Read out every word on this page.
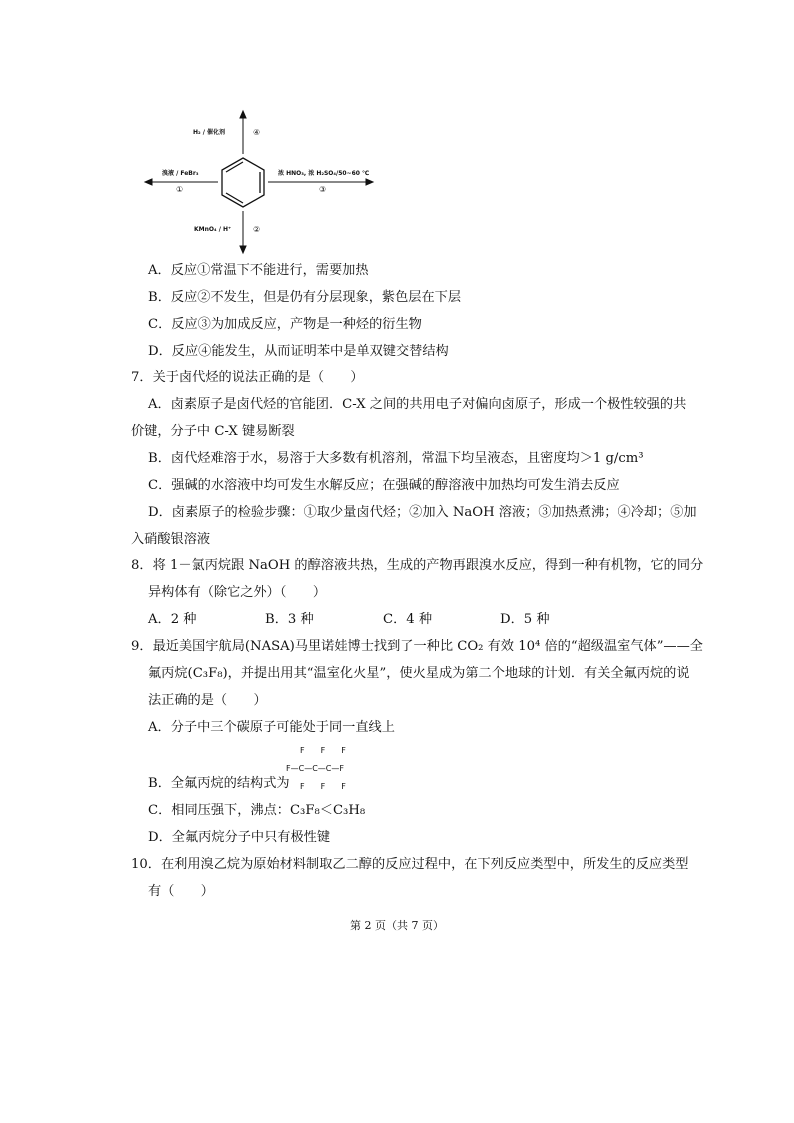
H₂ / 催化剂	④
溴液 / FeBr₃
①
浓 HNO₃, 浓 H₂SO₄/50~60 ℃
③
KMnO₄ / H⁺	②
A．反应①常温下不能进行，需要加热
B．反应②不发生，但是仍有分层现象，紫色层在下层
C．反应③为加成反应，产物是一种烃的衍生物
D．反应④能发生，从而证明苯中是单双键交替结构
7．关于卤代烃的说法正确的是（　　）
A．卤素原子是卤代烃的官能团．C-X 之间的共用电子对偏向卤原子，形成一个极性较强的共
价键，分子中 C-X 键易断裂
B．卤代烃难溶于水，易溶于大多数有机溶剂，常温下均呈液态，且密度均＞1 g/cm³
C．强碱的水溶液中均可发生水解反应；在强碱的醇溶液中加热均可发生消去反应
D．卤素原子的检验步骤：①取少量卤代烃；②加入 NaOH 溶液；③加热煮沸；④冷却；⑤加
入硝酸银溶液
8．将 1－氯丙烷跟 NaOH 的醇溶液共热，生成的产物再跟溴水反应，得到一种有机物，它的同分
异构体有（除它之外）（　　）
A．2 种	B．3 种	C．4 种	D．5 种
9．最近美国宇航局(NASA)马里诺娃博士找到了一种比 CO₂ 有效 10⁴ 倍的“超级温室气体”——全
氟丙烷(C₃F₈)，并提出用其“温室化火星”，使火星成为第二个地球的计划．有关全氟丙烷的说
法正确的是（　　）
A．分子中三个碳原子可能处于同一直线上
F  F  F
F—C—C—C—F
F  F  F
B．全氟丙烷的结构式为
C．相同压强下，沸点：C₃F₈＜C₃H₈
D．全氟丙烷分子中只有极性键
10．在利用溴乙烷为原始材料制取乙二醇的反应过程中，在下列反应类型中，所发生的反应类型
有（　　）
第 2 页（共 7 页）
